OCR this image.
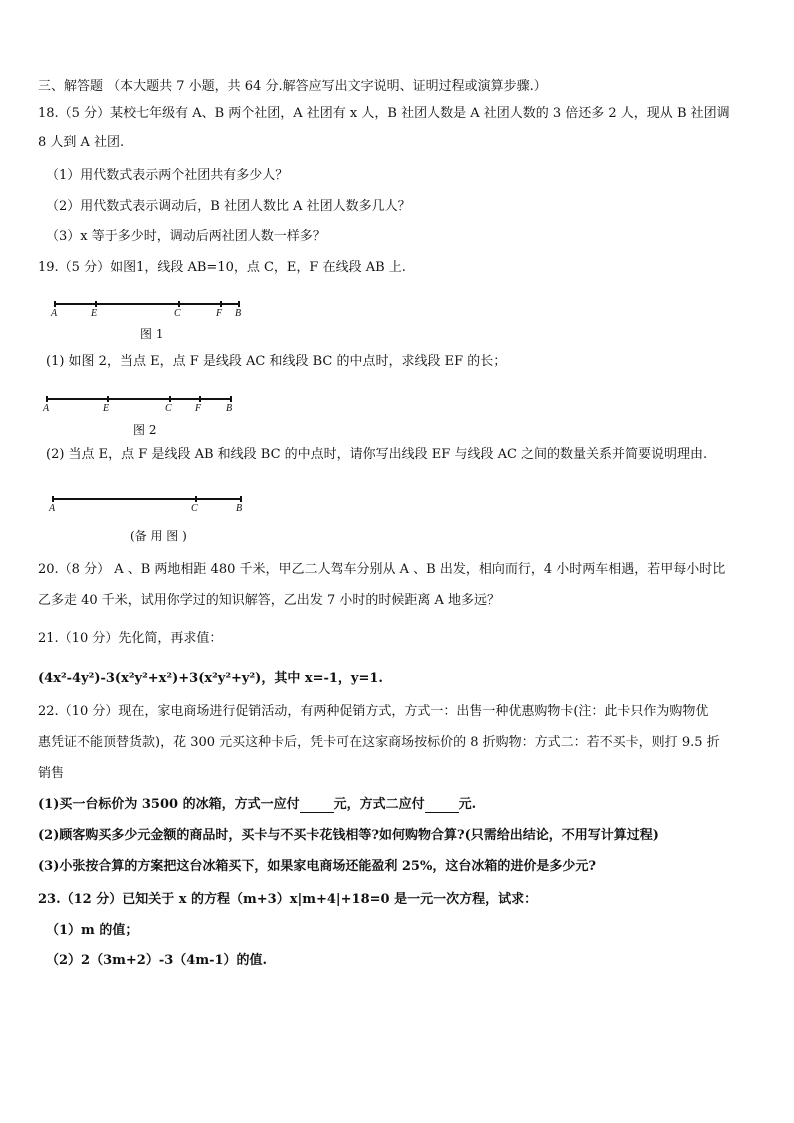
三、解答题 （本大题共 7 小题，共 64 分.解答应写出文字说明、证明过程或演算步骤.）
18.（5 分）某校七年级有 A、B 两个社团，A 社团有 x 人，B 社团人数是 A 社团人数的 3 倍还多 2 人，现从 B 社团调
8 人到 A 社团.
（1）用代数式表示两个社团共有多少人？
（2）用代数式表示调动后，B 社团人数比 A 社团人数多几人？
（3）x 等于多少时，调动后两社团人数一样多？
19.（5 分）如图1，线段 AB=10，点 C，E，F 在线段 AB 上.
A	E	C	F B
图 1
(1) 如图 2，当点 E，点 F 是线段 AC 和线段 BC 的中点时，求线段 EF 的长；
A	E	C F B
图 2
(2) 当点 E，点 F 是线段 AB 和线段 BC 的中点时，请你写出线段 EF 与线段 AC 之间的数量关系并简要说明理由.
A	C	B
(备 用 图 )
20.（8 分） A 、B 两地相距 480 千米，甲乙二人驾车分别从 A 、B 出发，相向而行，4 小时两车相遇，若甲每小时比
乙多走 40 千米，试用你学过的知识解答，乙出发 7 小时的时候距离 A 地多远？
21.（10 分）先化简，再求值：
(4x²-4y²)-3(x²y²+x²)+3(x²y²+y²)，其中 x=-1，y=1.
22.（10 分）现在，家电商场进行促销活动，有两种促销方式，方式一：出售一种优惠购物卡(注：此卡只作为购物优
惠凭证不能顶替货款)，花 300 元买这种卡后，凭卡可在这家商场按标价的 8 折购物：方式二：若不买卡，则打 9.5 折
销售
(1)买一台标价为 3500 的冰箱，方式一应付	元，方式二应付	元.
(2)顾客购买多少元金额的商品时，买卡与不买卡花钱相等?如何购物合算?(只需给出结论，不用写计算过程)
(3)小张按合算的方案把这台冰箱买下，如果家电商场还能盈利 25%，这台冰箱的进价是多少元?
23.（12 分）已知关于 x 的方程（m+3）x|m+4|+18=0 是一元一次方程，试求：
（1）m 的值；
（2）2（3m+2）-3（4m-1）的值.
